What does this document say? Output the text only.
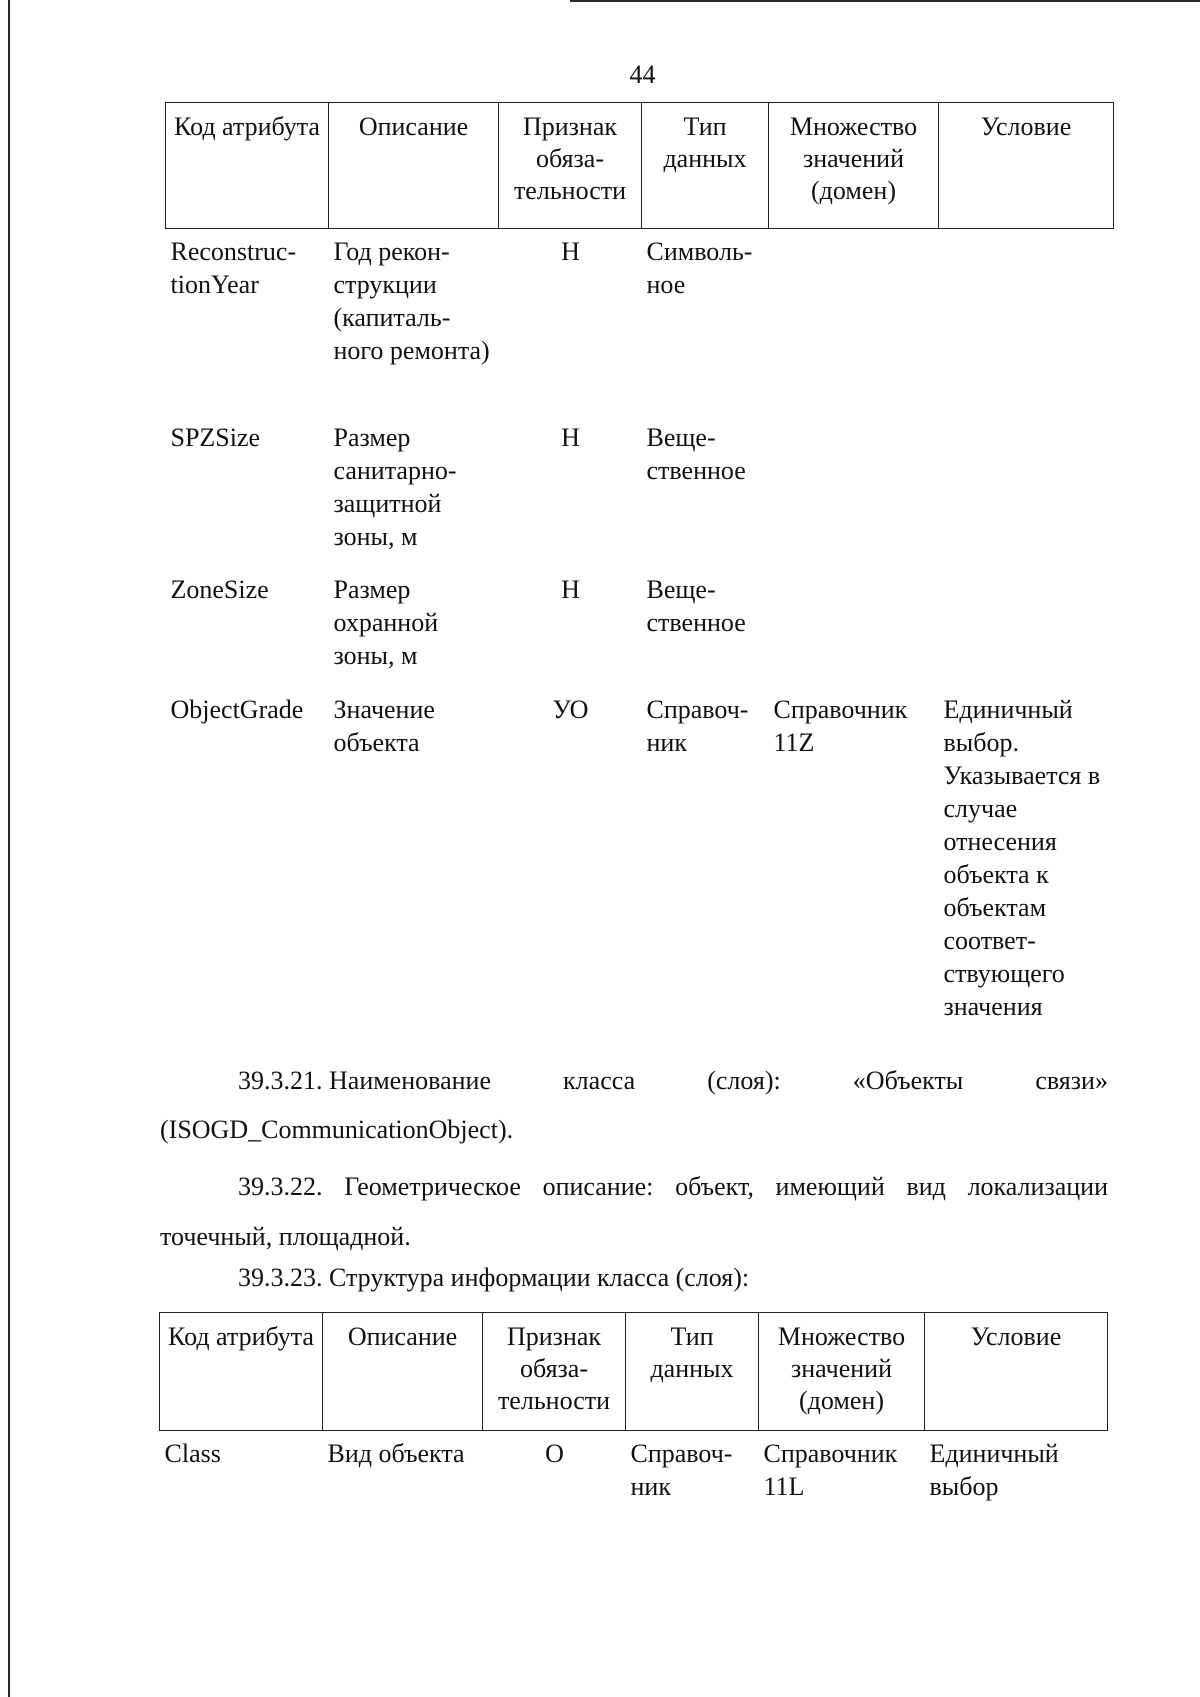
44
Код атрибута	Описание	Признак обяза-тельности	Тип данных	Множество значений (домен)	Условие

Reconstruc-tionYear	Год рекон-струкции (капиталь-ного ремонта)	Н	Символь-ное		
SPZSize	Размер санитарно-защитной зоны, м	Н	Веще-ственное		
ZoneSize	Размер охранной зоны, м	Н	Веще-ственное		
ObjectGrade	Значение объекта	УО	Справоч-ник	Справочник 11Z	Единичный выбор. Указывается в случае отнесения объекта к объектам соответ-ствующего значения
39.3.21. Наименование	класса	(слоя):	«Объекты	связи»
(ISOGD_CommunicationObject).

39.3.22. Геометрическое описание: объект, имеющий вид локализации точечный, площадной.

39.3.23. Структура информации класса (слоя):

Код атрибута	Описание	Признак обяза-тельности	Тип данных	Множество значений (домен)	Условие

Class	Вид объекта	О	Справоч-ник	Справочник 11L	Единичный выбор
